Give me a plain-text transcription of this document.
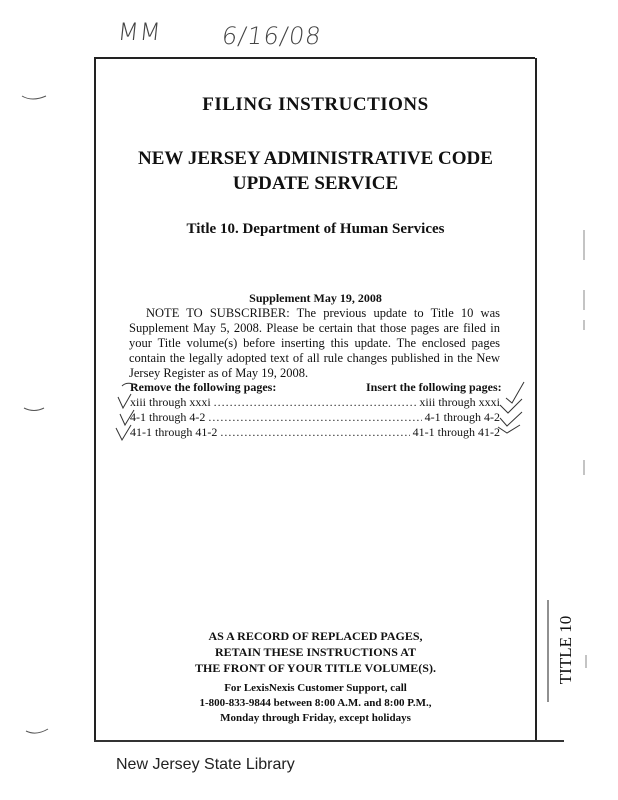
MM 6/16/08
FILING INSTRUCTIONS
NEW JERSEY ADMINISTRATIVE CODE
UPDATE SERVICE
Title 10. Department of Human Services
Supplement May 19, 2008
NOTE TO SUBSCRIBER: The previous update to Title 10 was Supplement May 5, 2008. Please be certain that those pages are filed in your Title volume(s) before inserting this update. The enclosed pages contain the legally adopted text of all rule changes published in the New Jersey Register as of May 19, 2008.
Remove the following pages:	Insert the following pages:
xiii through xxxi .....	xiii through xxxi
4-1 through 4-2 .....	4-1 through 4-2
41-1 through 41-2 .....	41-1 through 41-2
AS A RECORD OF REPLACED PAGES,
RETAIN THESE INSTRUCTIONS AT
THE FRONT OF YOUR TITLE VOLUME(S).
For LexisNexis Customer Support, call
1-800-833-9844 between 8:00 A.M. and 8:00 P.M.,
Monday through Friday, except holidays
TITLE 10
New Jersey State Library
